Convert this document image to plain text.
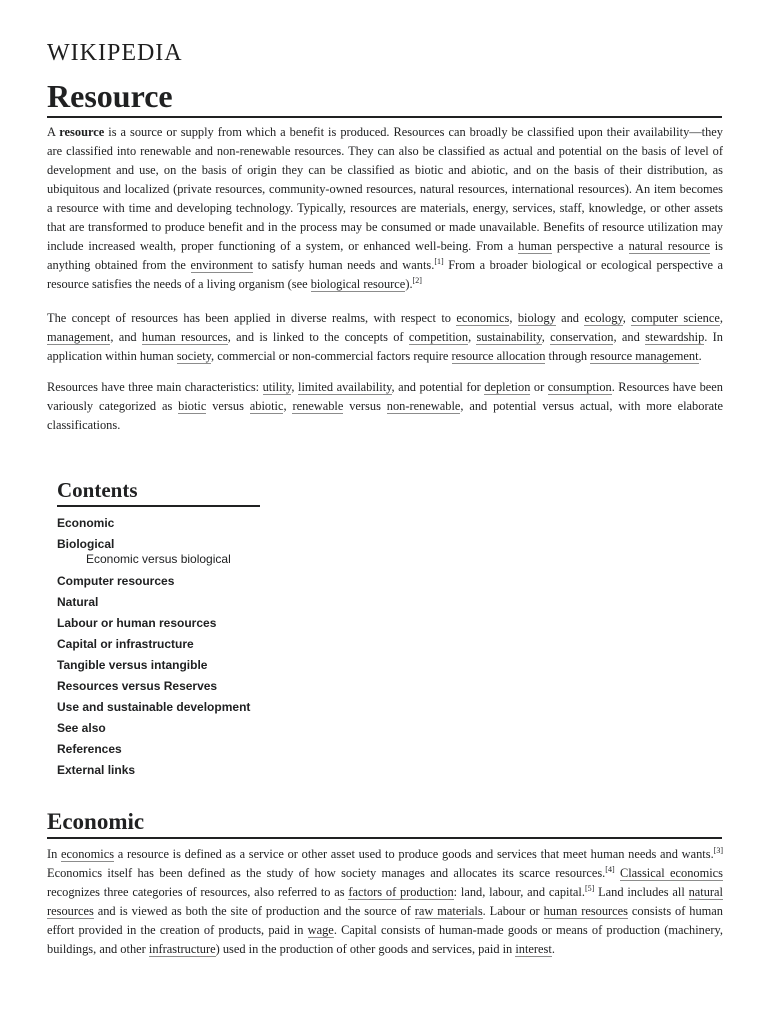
WIKIPEDIA
Resource

A resource is a source or supply from which a benefit is produced. Resources can broadly be classified upon their availability—they are classified into renewable and non-renewable resources. They can also be classified as actual and potential on the basis of level of development and use, on the basis of origin they can be classified as biotic and abiotic, and on the basis of their distribution, as ubiquitous and localized (private resources, community-owned resources, natural resources, international resources). An item becomes a resource with time and developing technology. Typically, resources are materials, energy, services, staff, knowledge, or other assets that are transformed to produce benefit and in the process may be consumed or made unavailable. Benefits of resource utilization may include increased wealth, proper functioning of a system, or enhanced well-being. From a human perspective a natural resource is anything obtained from the environment to satisfy human needs and wants.[1] From a broader biological or ecological perspective a resource satisfies the needs of a living organism (see biological resource).[2]

The concept of resources has been applied in diverse realms, with respect to economics, biology and ecology, computer science, management, and human resources, and is linked to the concepts of competition, sustainability, conservation, and stewardship. In application within human society, commercial or non-commercial factors require resource allocation through resource management.

Resources have three main characteristics: utility, limited availability, and potential for depletion or consumption. Resources have been variously categorized as biotic versus abiotic, renewable versus non-renewable, and potential versus actual, with more elaborate classifications.

Contents
Economic
Biological
Economic versus biological
Computer resources
Natural
Labour or human resources
Capital or infrastructure
Tangible versus intangible
Resources versus Reserves
Use and sustainable development
See also
References
External links
Economic

In economics a resource is defined as a service or other asset used to produce goods and services that meet human needs and wants.[3] Economics itself has been defined as the study of how society manages and allocates its scarce resources.[4] Classical economics recognizes three categories of resources, also referred to as factors of production: land, labour, and capital.[5] Land includes all natural resources and is viewed as both the site of production and the source of raw materials. Labour or human resources consists of human effort provided in the creation of products, paid in wage. Capital consists of human-made goods or means of production (machinery, buildings, and other infrastructure) used in the production of other goods and services, paid in interest.
